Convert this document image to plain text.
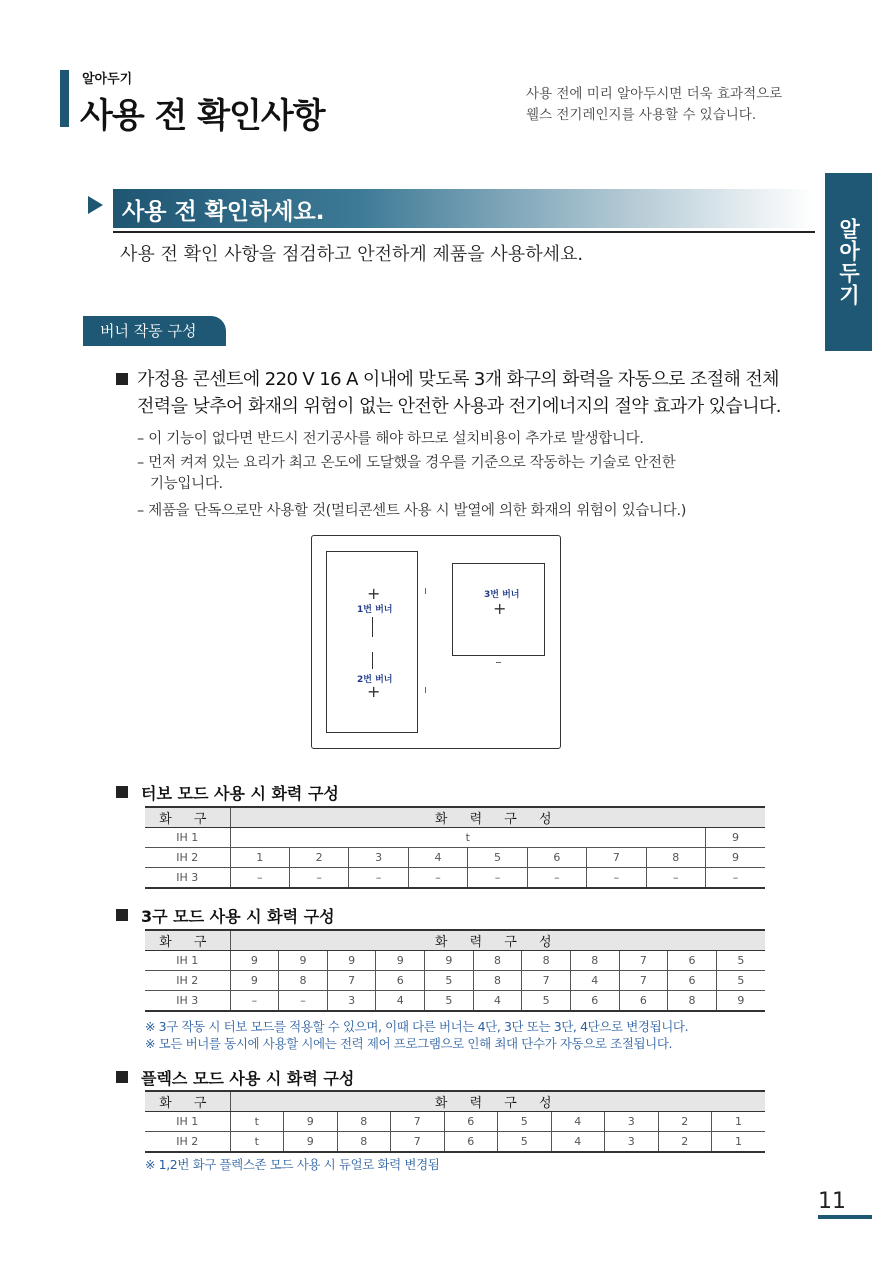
알아두기
사용 전 확인사항
사용 전에 미리 알아두시면 더욱 효과적으로
웰스 전기레인지를 사용할 수 있습니다.
알아두기
사용 전 확인하세요.
사용 전 확인 사항을 점검하고 안전하게 제품을 사용하세요.
버너 작동 구성
가정용 콘센트에 220 V 16 A 이내에 맞도록 3개 화구의 화력을 자동으로 조절해 전체
전력을 낮추어 화재의 위험이 없는 안전한 사용과 전기에너지의 절약 효과가 있습니다.
– 이 기능이 없다면 반드시 전기공사를 해야 하므로 설치비용이 추가로 발생합니다.
– 먼저 켜져 있는 요리가 최고 온도에 도달했을 경우를 기준으로 작동하는 기술로 안전한
기능입니다.
– 제품을 단독으로만 사용할 것(멀티콘센트 사용 시 발열에 의한 화재의 위험이 있습니다.)
+
1번 버너
2번 버너
+
3번 버너
+
터보 모드 사용 시 화력 구성
화 구	화 력 구 성								
IH 1	t								9
IH 2	1	2	3	4	5	6	7	8	9
IH 3	–	–	–	–	–	–	–	–	–
3구 모드 사용 시 화력 구성
화 구	화 력 구 성										
IH 1	9	9	9	9	9	8	8	8	7	6	5
IH 2	9	8	7	6	5	8	7	4	7	6	5
IH 3	–	–	3	4	5	4	5	6	6	8	9
※ 3구 작동 시 터보 모드를 적용할 수 있으며, 이때 다른 버너는 4단, 3단 또는 3단, 4단으로 변경됩니다.
※ 모든 버너를 동시에 사용할 시에는 전력 제어 프로그램으로 인해 최대 단수가 자동으로 조절됩니다.
플렉스 모드 사용 시 화력 구성
화 구	화 력 구 성									
IH 1	t	9	8	7	6	5	4	3	2	1
IH 2	t	9	8	7	6	5	4	3	2	1
※ 1,2번 화구 플렉스존 모드 사용 시 듀얼로 화력 변경됨
11
